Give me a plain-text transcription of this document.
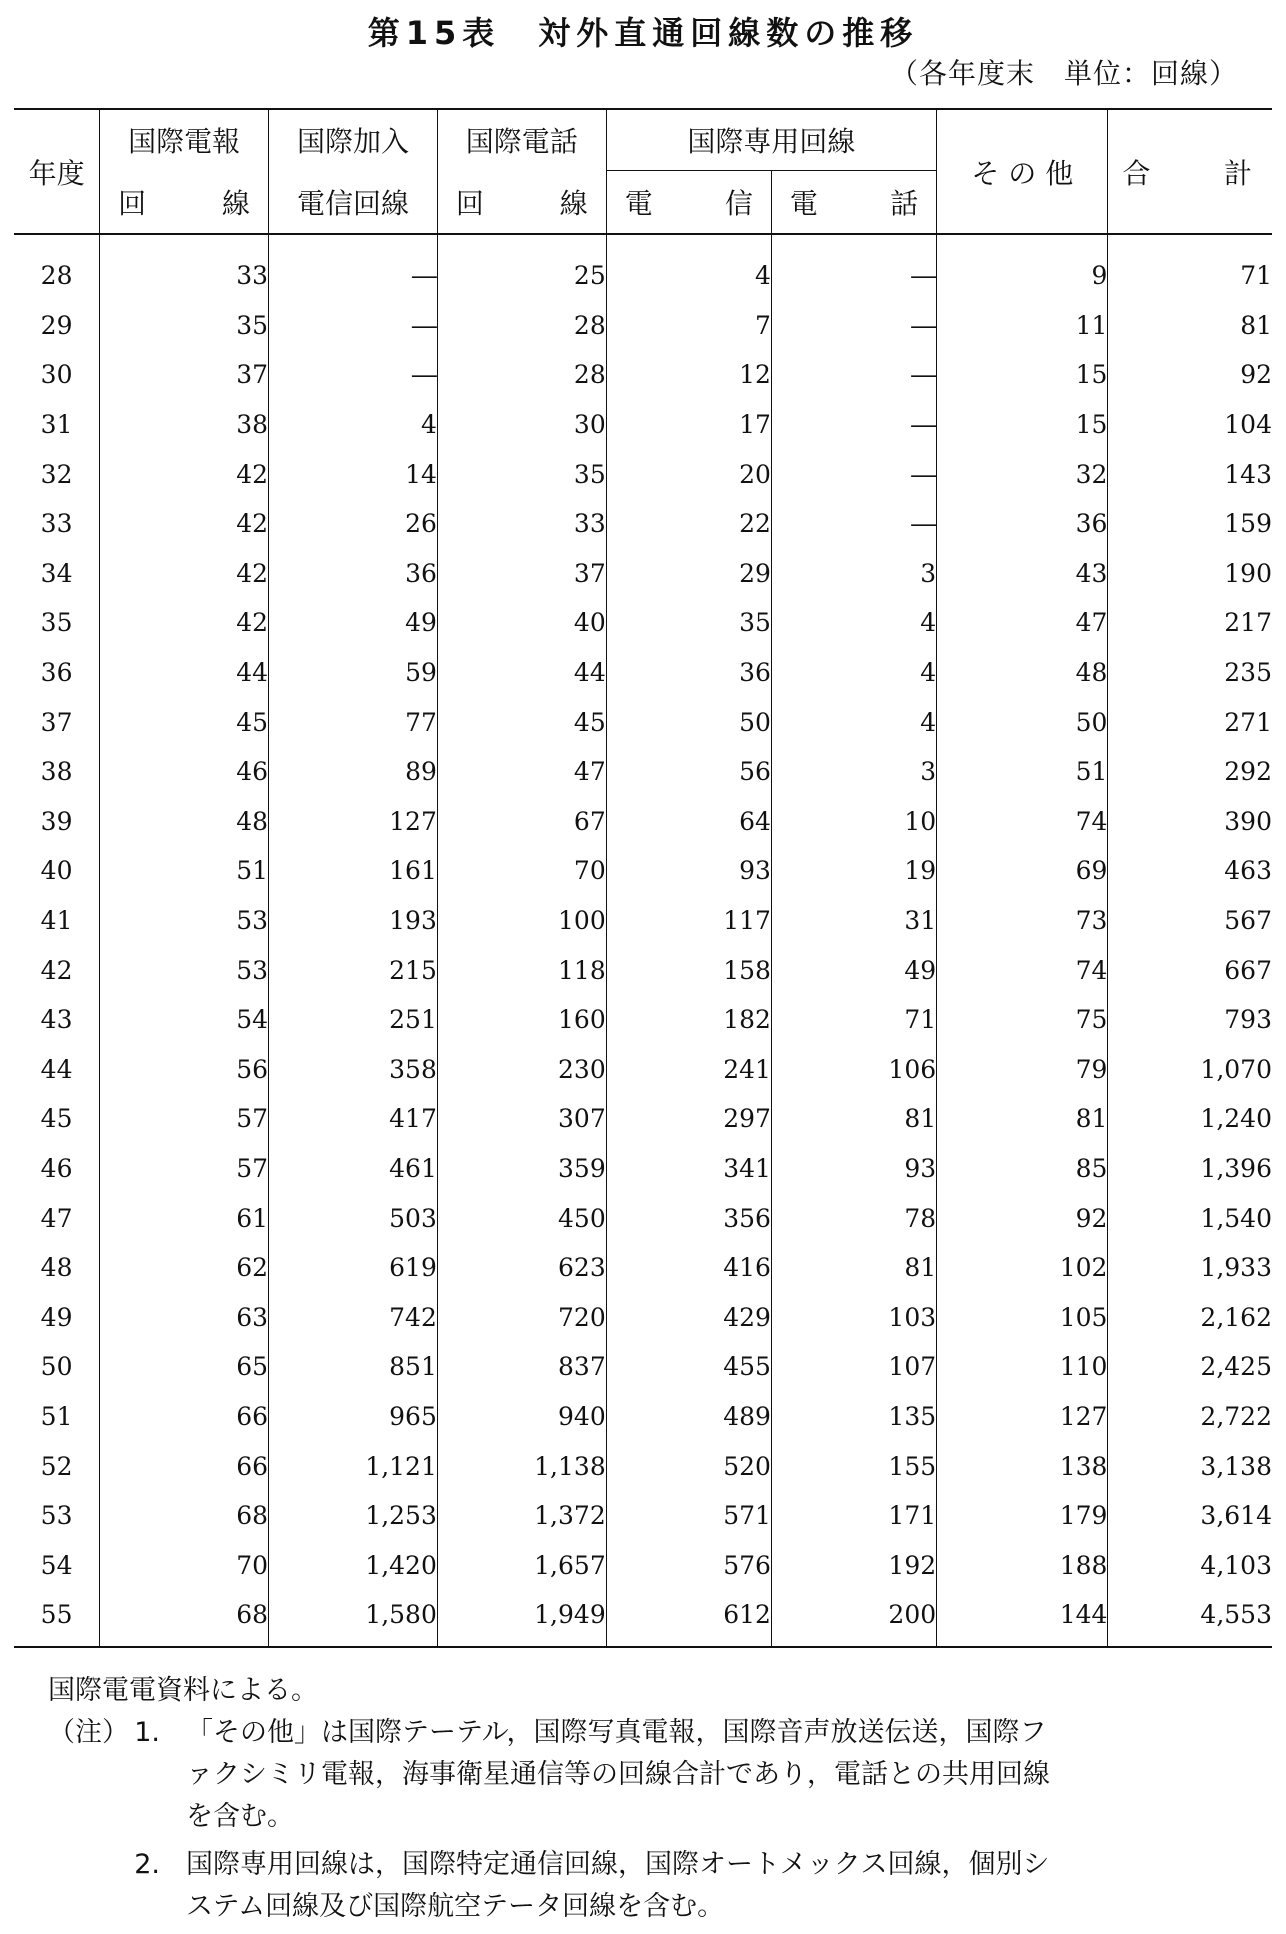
第15表　対外直通回線数の推移
（各年度末　単位：回線）
年度	国際電報	国際加入	国際電話	国際専用回線		そ の 他	合 計

	回 線	電信回線	回 線	電 信	電 話		

28	33	―	25	4	―	9	71
29	35	―	28	7	―	11	81
30	37	―	28	12	―	15	92
31	38	4	30	17	―	15	104
32	42	14	35	20	―	32	143
33	42	26	33	22	―	36	159
34	42	36	37	29	3	43	190
35	42	49	40	35	4	47	217
36	44	59	44	36	4	48	235
37	45	77	45	50	4	50	271
38	46	89	47	56	3	51	292
39	48	127	67	64	10	74	390
40	51	161	70	93	19	69	463
41	53	193	100	117	31	73	567
42	53	215	118	158	49	74	667
43	54	251	160	182	71	75	793
44	56	358	230	241	106	79	1,070
45	57	417	307	297	81	81	1,240
46	57	461	359	341	93	85	1,396
47	61	503	450	356	78	92	1,540
48	62	619	623	416	81	102	1,933
49	63	742	720	429	103	105	2,162
50	65	851	837	455	107	110	2,425
51	66	965	940	489	135	127	2,722
52	66	1,121	1,138	520	155	138	3,138
53	68	1,253	1,372	571	171	179	3,614
54	70	1,420	1,657	576	192	188	4,103
55	68	1,580	1,949	612	200	144	4,553
国際電電資料による。
（注） 1. 「その他」は国際テーテル，国際写真電報，国際音声放送伝送，国際フ
ァクシミリ電報，海事衛星通信等の回線合計であり，電話との共用回線
を含む。
2. 国際専用回線は，国際特定通信回線，国際オートメックス回線，個別シ
ステム回線及び国際航空テータ回線を含む。
